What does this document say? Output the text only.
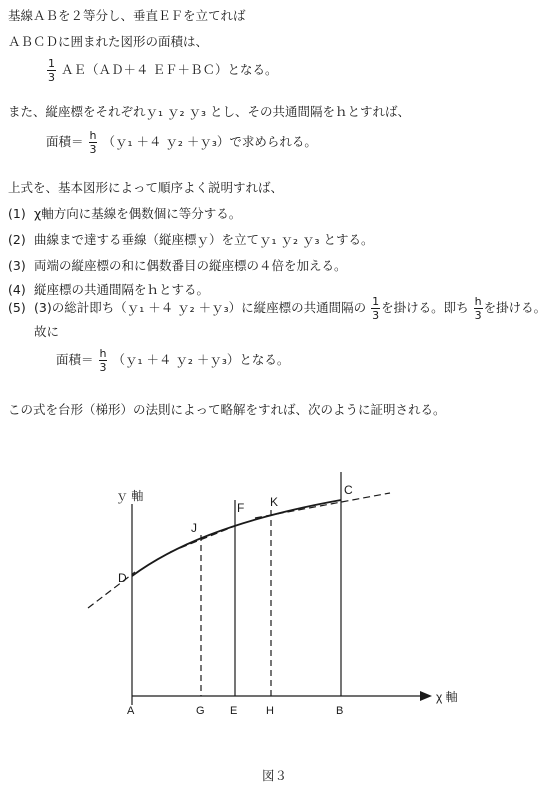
基線ＡＢを２等分し、垂直ＥＦを立てれば
ＡＢＣＤに囲まれた図形の面積は、
$\frac{1}{3}$ ＡＥ（ＡＤ＋４ ＥＦ＋ＢＣ）となる。
また、縦座標をそれぞれｙ₁ ｙ₂ ｙ₃ とし、その共通間隔をｈとすれば、
面積＝ $\frac{h}{3}$ （ｙ₁ ＋４ ｙ₂ ＋ｙ₃）で求められる。
上式を、基本図形によって順序よく説明すれば、
(1) χ軸方向に基線を偶数個に等分する。
(2) 曲線まで達する垂線（縦座標ｙ）を立てｙ₁ ｙ₂ ｙ₃ とする。
(3) 両端の縦座標の和に偶数番目の縦座標の４倍を加える。
(4) 縦座標の共通間隔をｈとする。
(5) (3)の総計即ち（ｙ₁ ＋４ ｙ₂ ＋ｙ₃）に縦座標の共通間隔の $\frac{1}{3}$ を掛ける。即ち $\frac{h}{3}$ を掛ける。
故に
面積＝ $\frac{h}{3}$ （ｙ₁ ＋４ ｙ₂ ＋ｙ₃）となる。
この式を台形（梯形）の法則によって略解をすれば、次のように証明される。
ｙ 軸
χ 軸
A	G E	H	B
C
D
F
J
K
図３
